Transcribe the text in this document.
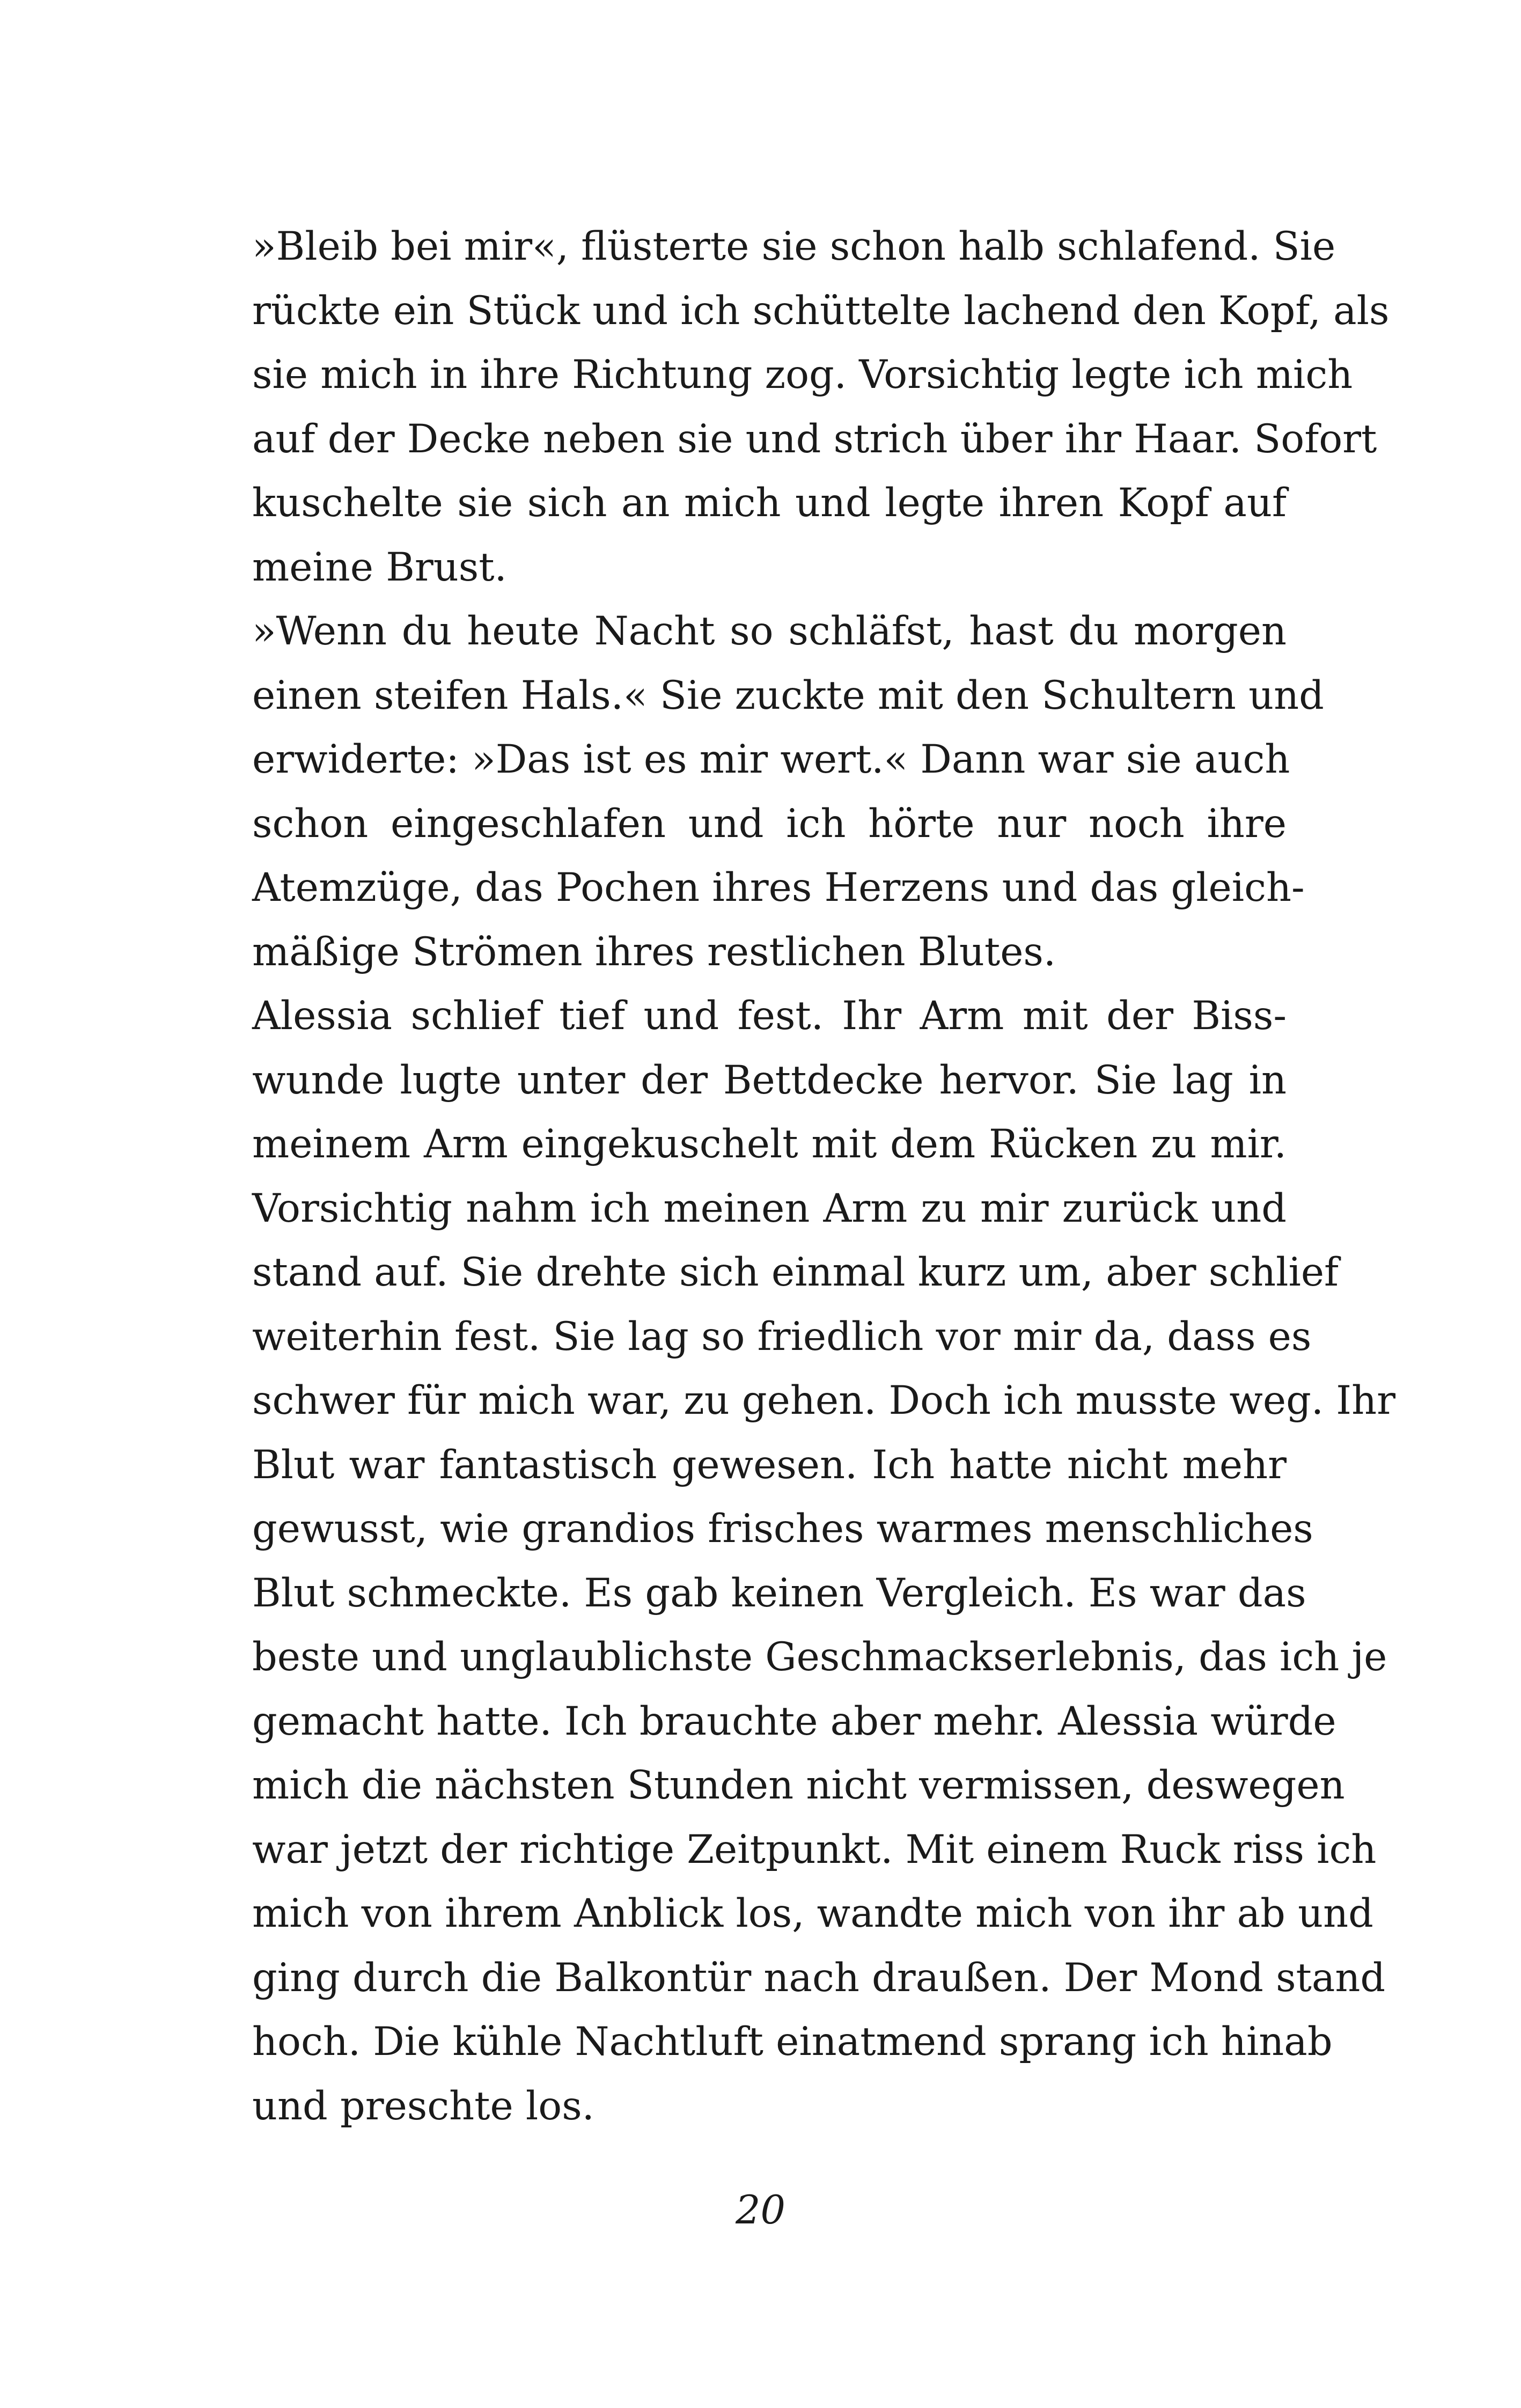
»Bleib bei mir«, flüsterte sie schon halb schlafend. Sie
rückte ein Stück und ich schüttelte lachend den Kopf, als
sie mich in ihre Richtung zog. Vorsichtig legte ich mich
auf der Decke neben sie und strich über ihr Haar. Sofort
kuschelte sie sich an mich und legte ihren Kopf auf
meine Brust.

»Wenn du heute Nacht so schläfst, hast du morgen
einen steifen Hals.« Sie zuckte mit den Schultern und
erwiderte: »Das ist es mir wert.« Dann war sie auch
schon eingeschlafen und ich hörte nur noch ihre
Atemzüge, das Pochen ihres Herzens und das gleich-
mäßige Strömen ihres restlichen Blutes.

Alessia schlief tief und fest. Ihr Arm mit der Biss-
wunde lugte unter der Bettdecke hervor. Sie lag in
meinem Arm eingekuschelt mit dem Rücken zu mir.
Vorsichtig nahm ich meinen Arm zu mir zurück und
stand auf. Sie drehte sich einmal kurz um, aber schlief
weiterhin fest. Sie lag so friedlich vor mir da, dass es
schwer für mich war, zu gehen. Doch ich musste weg. Ihr
Blut war fantastisch gewesen. Ich hatte nicht mehr
gewusst, wie grandios frisches warmes menschliches
Blut schmeckte. Es gab keinen Vergleich. Es war das
beste und unglaublichste Geschmackserlebnis, das ich je
gemacht hatte. Ich brauchte aber mehr. Alessia würde
mich die nächsten Stunden nicht vermissen, deswegen
war jetzt der richtige Zeitpunkt. Mit einem Ruck riss ich
mich von ihrem Anblick los, wandte mich von ihr ab und
ging durch die Balkontür nach draußen. Der Mond stand
hoch. Die kühle Nachtluft einatmend sprang ich hinab
und preschte los.

20
